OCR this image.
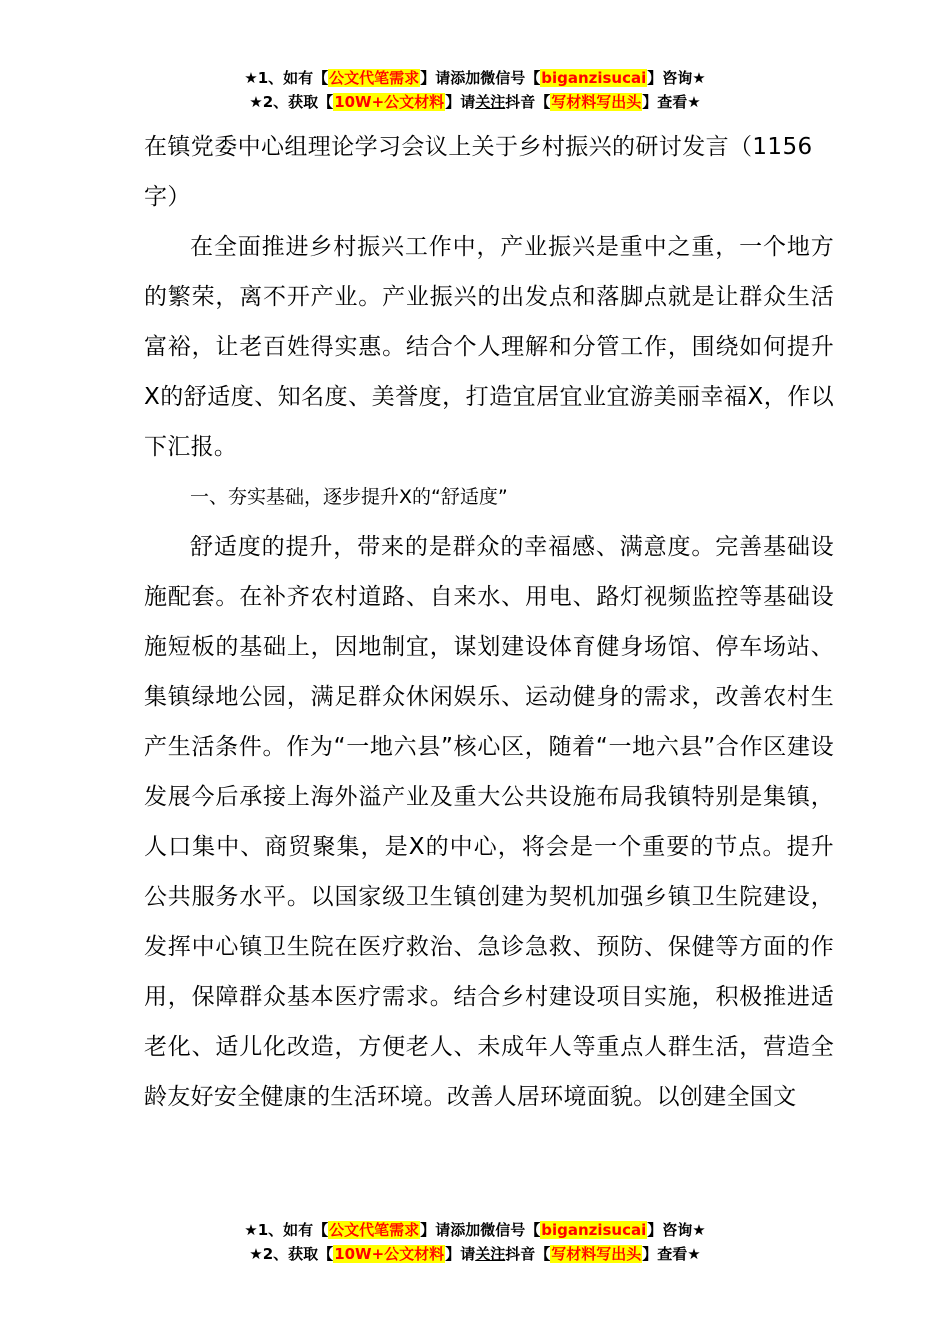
★1、如有【公文代笔需求】请添加微信号【biganzisucai】咨询★
★2、获取【10W+公文材料】请关注抖音【写材料写出头】查看★

在镇党委中心组理论学习会议上关于乡村振兴的研讨发言（1156字）

在全面推进乡村振兴工作中，产业振兴是重中之重，一个地方的繁荣，离不开产业。产业振兴的出发点和落脚点就是让群众生活富裕，让老百姓得实惠。结合个人理解和分管工作，围绕如何提升X的舒适度、知名度、美誉度，打造宜居宜业宜游美丽幸福X，作以下汇报。

一、夯实基础，逐步提升X的“舒适度”

舒适度的提升，带来的是群众的幸福感、满意度。完善基础设施配套。在补齐农村道路、自来水、用电、路灯视频监控等基础设施短板的基础上，因地制宜，谋划建设体育健身场馆、停车场站、集镇绿地公园，满足群众休闲娱乐、运动健身的需求，改善农村生产生活条件。作为“一地六县”核心区，随着“一地六县”合作区建设发展今后承接上海外溢产业及重大公共设施布局我镇特别是集镇，人口集中、商贸聚集，是X的中心，将会是一个重要的节点。提升公共服务水平。以国家级卫生镇创建为契机加强乡镇卫生院建设，发挥中心镇卫生院在医疗救治、急诊急救、预防、保健等方面的作用，保障群众基本医疗需求。结合乡村建设项目实施，积极推进适老化、适儿化改造，方便老人、未成年人等重点人群生活，营造全龄友好安全健康的生活环境。改善人居环境面貌。以创建全国文

★1、如有【公文代笔需求】请添加微信号【biganzisucai】咨询★
★2、获取【10W+公文材料】请关注抖音【写材料写出头】查看★
